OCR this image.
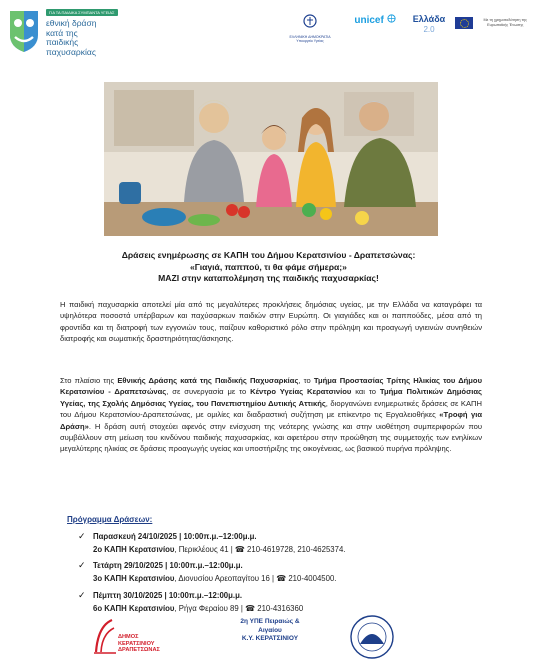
ΓΙΑ ΤΑ ΠΑΙΔΙΚΑ ΣΥΜΠΑΝΤΑ ΥΓΕΙΑΣ
εθνική δράση
κατά της
παιδικής
παχυσαρκίας
ΕΛΛΗΝΙΚΗ ΔΗΜΟΚΡΑΤΙΑ
Υπουργείο Υγείας
unicef	Ελλάδα 2.0
Με τη χρηματοδότηση της Ευρωπαϊκής Ένωσης
Δράσεις ενημέρωσης σε ΚΑΠΗ του Δήμου Κερατσινίου - Δραπετσώνας:
«Γιαγιά, παππού, τι θα φάμε σήμερα;»
ΜΑΖΙ στην καταπολέμηση της παιδικής παχυσαρκίας!
Η παιδική παχυσαρκία αποτελεί μία από τις μεγαλύτερες προκλήσεις δημόσιας υγείας, με την Ελλάδα να καταγράφει τα υψηλότερα ποσοστά υπέρβαρων και παχύσαρκων παιδιών στην Ευρώπη. Οι γιαγιάδες και οι παππούδες, μέσα από τη φροντίδα και τη διατροφή των εγγονιών τους, παίζουν καθοριστικό ρόλο στην πρόληψη και προαγωγή υγιεινών συνηθειών διατροφής και σωματικής δραστηριότητας/άσκησης.
Στο πλαίσιο της Εθνικής Δράσης κατά της Παιδικής Παχυσαρκίας, το Τμήμα Προστασίας Τρίτης Ηλικίας του Δήμου Κερατσινίου - Δραπετσώνας, σε συνεργασία με το Κέντρο Υγείας Κερατσινίου και το Τμήμα Πολιτικών Δημόσιας Υγείας, της Σχολής Δημόσιας Υγείας, του Πανεπιστημίου Δυτικής Αττικής, διοργανώνει ενημερωτικές δράσεις σε ΚΑΠΗ του Δήμου Κερατσινίου-Δραπετσώνας, με ομιλίες και διαδραστική συζήτηση με επίκεντρο τις Εργαλειοθήκες «Τροφή για Δράση». Η δράση αυτή στοχεύει αφενός στην ενίσχυση της νεότερης γνώσης και στην υιοθέτηση συμπεριφορών που συμβάλλουν στη μείωση του κινδύνου παιδικής παχυσαρκίας, και αφετέρου στην προώθηση της συμμετοχής των ενηλίκων μεγαλύτερης ηλικίας σε δράσεις προαγωγής υγείας και υποστήριξης της οικογένειας, ως βασικού πυρήνα πρόληψης.
Πρόγραμμα Δράσεων:
✓ Παρασκευή 24/10/2025 | 10:00π.μ.–12:00μ.μ.
2ο ΚΑΠΗ Κερατσινίου, Περικλέους 41 | ☎ 210-4619728, 210-4625374.
✓ Τετάρτη 29/10/2025 | 10:00π.μ.–12:00μ.μ.
3ο ΚΑΠΗ Κερατσινίου, Διονυσίου Αρεοπαγίτου 16 | ☎ 210-4004500.
✓ Πέμπτη 30/10/2025 | 10:00π.μ.–12:00μ.μ.
6ο ΚΑΠΗ Κερατσινίου, Ρήγα Φεραίου 89 | ☎ 210-4316360
ΔΗΜΟΣ
ΚΕΡΑΤΣΙΝΙΟΥ
ΔΡΑΠΕΤΣΩΝΑΣ
2η ΥΠΕ Πειραιώς &
Αιγαίου
Κ.Υ. ΚΕΡΑΤΣΙΝΙΟΥ
